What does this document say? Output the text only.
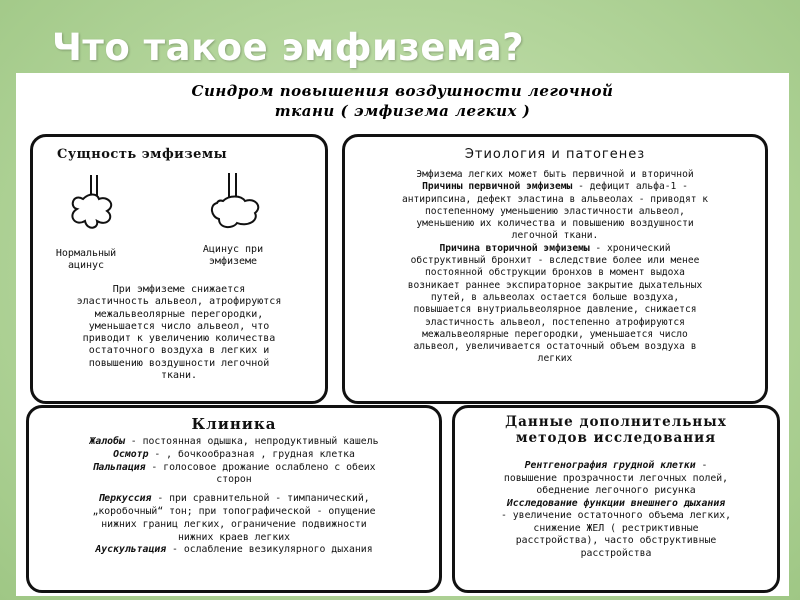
Что такое эмфизема?
Синдром повышения воздушности легочной
ткани ( эмфизема легких )
Сущность эмфиземы
Нормальный
ацинус
Ацинус при
эмфиземе
При эмфиземе снижается
эластичность альвеол, атрофируются
межальвеолярные перегородки,
уменьшается число альвеол, что
приводит к увеличению количества
остаточного воздуха в легких и
повышению воздушности легочной
ткани.
Этиология и патогенез
Эмфизема легких может быть первичной и вторичной
Причины первичной эмфиземы - дефицит альфа-1 -
антирипсина, дефект эластина в альвеолах - приводят к
постепенному уменьшению эластичности альвеол,
уменьшению их количества и повышению воздушности
легочной ткани.
Причина вторичной эмфиземы - хронический
обструктивный бронхит - вследствие более или менее
постоянной обструкции бронхов в момент выдоха
возникает раннее экспираторное закрытие дыхательных
путей, в альвеолах остается больше воздуха,
повышается внутриальвеолярное давление, снижается
эластичность альвеол, постепенно атрофируются
межальвеолярные перегородки, уменьшается число
альвеол, увеличивается остаточный объем воздуха в
легких
Клиника
Жалобы - постоянная одышка, непродуктивный кашель
Осмотр - , бочкообразная , грудная клетка
Пальпация - голосовое дрожание ослаблено с обеих
сторон
Перкуссия - при сравнительной - тимпанический,
„коробочный“ тон; при топографической - опущение
нижних границ легких, ограничение подвижности
нижних краев легких
Аускультация - ослабление везикулярного дыхания
Данные дополнительных
методов исследования
Рентгенография грудной клетки -
повышение прозрачности легочных полей,
обеднение легочного рисунка
Исследование функции внешнего дыхания
- увеличение остаточного объема легких,
снижение ЖЕЛ ( рестриктивные
расстройства), часто обструктивные
расстройства
